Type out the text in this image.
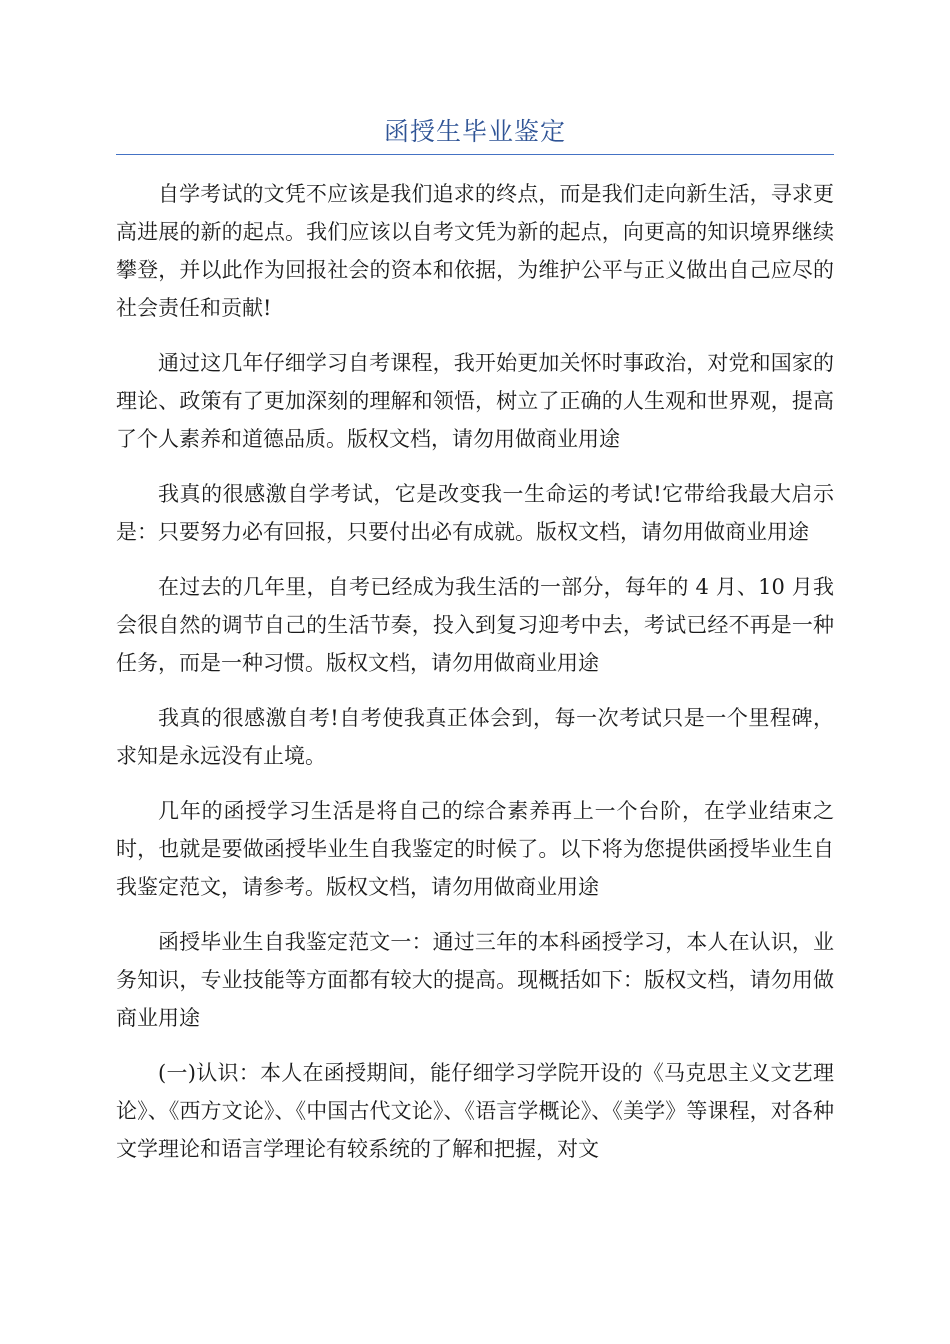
函授生毕业鉴定

自学考试的文凭不应该是我们追求的终点，而是我们走向新生活，寻求更高进展的新的起点。我们应该以自考文凭为新的起点，向更高的知识境界继续攀登，并以此作为回报社会的资本和依据，为维护公平与正义做出自己应尽的社会责任和贡献!

通过这几年仔细学习自考课程，我开始更加关怀时事政治，对党和国家的理论、政策有了更加深刻的理解和领悟，树立了正确的人生观和世界观，提高了个人素养和道德品质。版权文档，请勿用做商业用途

我真的很感激自学考试，它是改变我一生命运的考试!它带给我最大启示是：只要努力必有回报，只要付出必有成就。版权文档，请勿用做商业用途

在过去的几年里，自考已经成为我生活的一部分，每年的 4 月、10 月我会很自然的调节自己的生活节奏，投入到复习迎考中去，考试已经不再是一种任务，而是一种习惯。版权文档，请勿用做商业用途

我真的很感激自考!自考使我真正体会到，每一次考试只是一个里程碑，求知是永远没有止境。

几年的函授学习生活是将自己的综合素养再上一个台阶，在学业结束之时，也就是要做函授毕业生自我鉴定的时候了。以下将为您提供函授毕业生自我鉴定范文，请参考。版权文档，请勿用做商业用途

函授毕业生自我鉴定范文一：通过三年的本科函授学习，本人在认识，业务知识，专业技能等方面都有较大的提高。现概括如下：版权文档，请勿用做商业用途

(一)认识：本人在函授期间，能仔细学习学院开设的《马克思主义文艺理论》、《西方文论》、《中国古代文论》、《语言学概论》、《美学》等课程，对各种文学理论和语言学理论有较系统的了解和把握，对文
